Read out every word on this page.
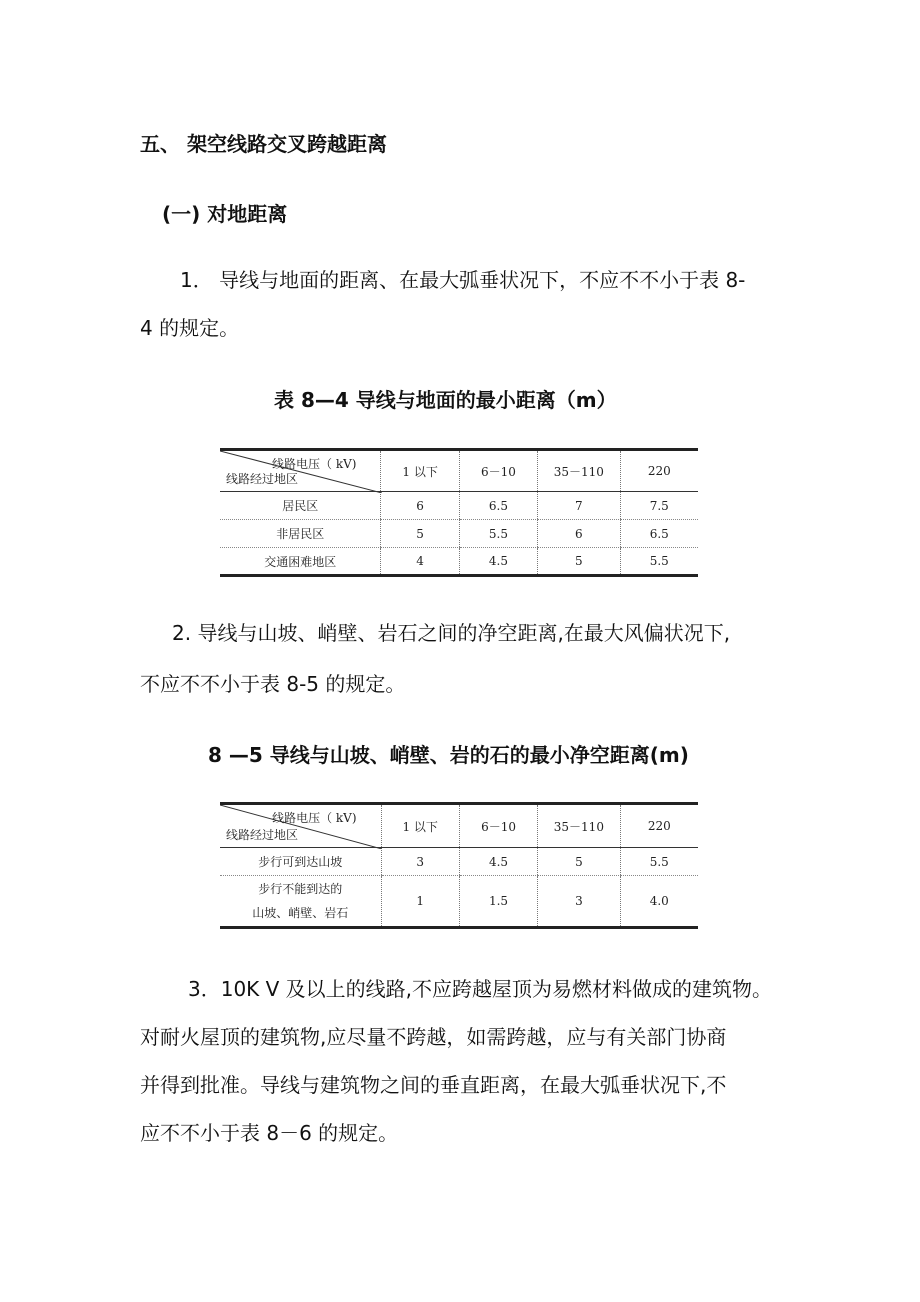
五、 架空线路交叉跨越距离
(一) 对地距离
1． 导线与地面的距离、在最大弧垂状况下，不应不不小于表 8-
4 的规定。
表 8—4 导线与地面的最小距离（m）
线路电压（ kV)
线路经过地区	1 以下	6－10	35－110	220
居民区	6	6.5	7	7.5
非居民区	5	5.5	6	6.5
交通困难地区	4	4.5	5	5.5
2. 导线与山坡、峭壁、岩石之间的净空距离,在最大风偏状况下,
不应不不小于表 8-5 的规定。
8 —5 导线与山坡、峭壁、岩的石的最小净空距离(m)
线路电压（ kV)
线路经过地区	1 以下	6－10	35－110	220
步行可到达山坡	3	4.5	5	5.5

步行不能到达的
山坡、峭壁、岩石	1	1.5	3	4.0
3．10K V 及以上的线路,不应跨越屋顶为易燃材料做成的建筑物。
对耐火屋顶的建筑物,应尽量不跨越，如需跨越，应与有关部门协商
并得到批准。导线与建筑物之间的垂直距离，在最大弧垂状况下,不
应不不小于表 8－6 的规定。
